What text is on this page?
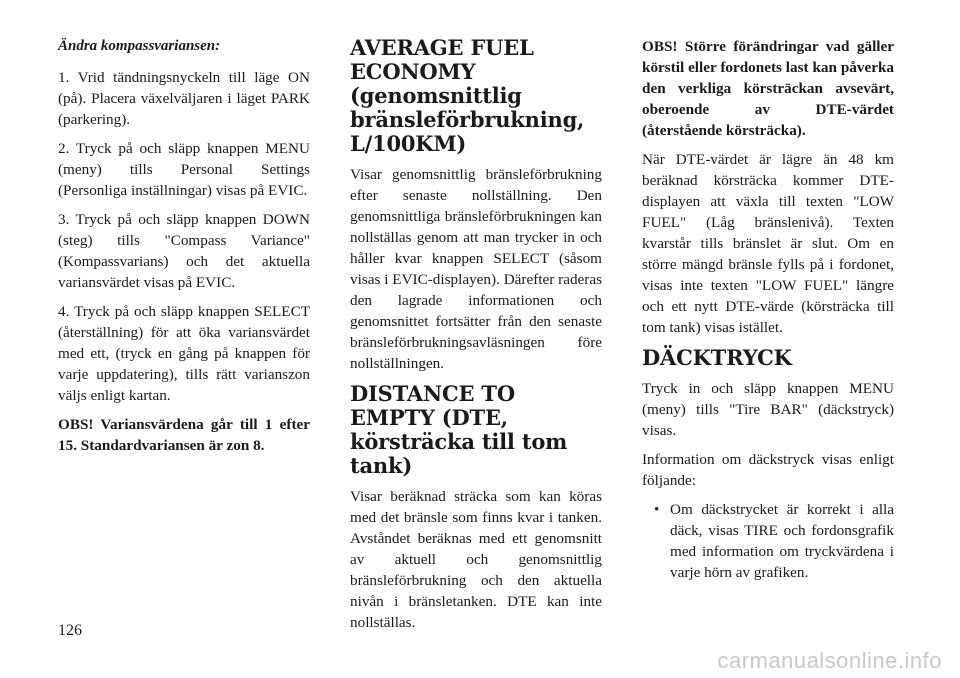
Ändra kompassvariansen:

1. Vrid tändningsnyckeln till läge ON (på). Placera växelväljaren i läget PARK (parkering).

2. Tryck på och släpp knappen MENU (meny) tills Personal Settings (Personliga inställningar) visas på EVIC.

3. Tryck på och släpp knappen DOWN (steg) tills "Compass Variance" (Kompassvarians) och det aktuella variansvärdet visas på EVIC.

4. Tryck på och släpp knappen SELECT (återställning) för att öka variansvärdet med ett, (tryck en gång på knappen för varje uppdatering), tills rätt varianszon väljs enligt kartan.

OBS! Variansvärdena går till 1 efter 15. Standardvariansen är zon 8.

AVERAGE FUEL ECONOMY (genomsnittlig bränsleförbrukning, L/100KM)

Visar genomsnittlig bränsleförbrukning efter senaste nollställning. Den genomsnittliga bränsleförbrukningen kan nollställas genom att man trycker in och håller kvar knappen SELECT (såsom visas i EVIC-displayen). Därefter raderas den lagrade informationen och genomsnittet fortsätter från den senaste bränsleförbrukningsavläsningen före nollställningen.

DISTANCE TO EMPTY (DTE, körsträcka till tom tank)

Visar beräknad sträcka som kan köras med det bränsle som finns kvar i tanken. Avståndet beräknas med ett genomsnitt av aktuell och genomsnittlig bränsleförbrukning och den aktuella nivån i bränsletanken. DTE kan inte nollställas.

OBS! Större förändringar vad gäller körstil eller fordonets last kan påverka den verkliga körsträckan avsevärt, oberoende av DTE-värdet (återstående körsträcka).

När DTE-värdet är lägre än 48 km beräknad körsträcka kommer DTE-displayen att växla till texten "LOW FUEL" (Låg bränslenivå). Texten kvarstår tills bränslet är slut. Om en större mängd bränsle fylls på i fordonet, visas inte texten "LOW FUEL" längre och ett nytt DTE-värde (körsträcka till tom tank) visas istället.

DÄCKTRYCK

Tryck in och släpp knappen MENU (meny) tills "Tire BAR" (däckstryck) visas.

Information om däckstryck visas enligt följande:

• Om däckstrycket är korrekt i alla däck, visas TIRE och fordonsgrafik med information om tryckvärdena i varje hörn av grafiken.
126
carmanualsonline.info
